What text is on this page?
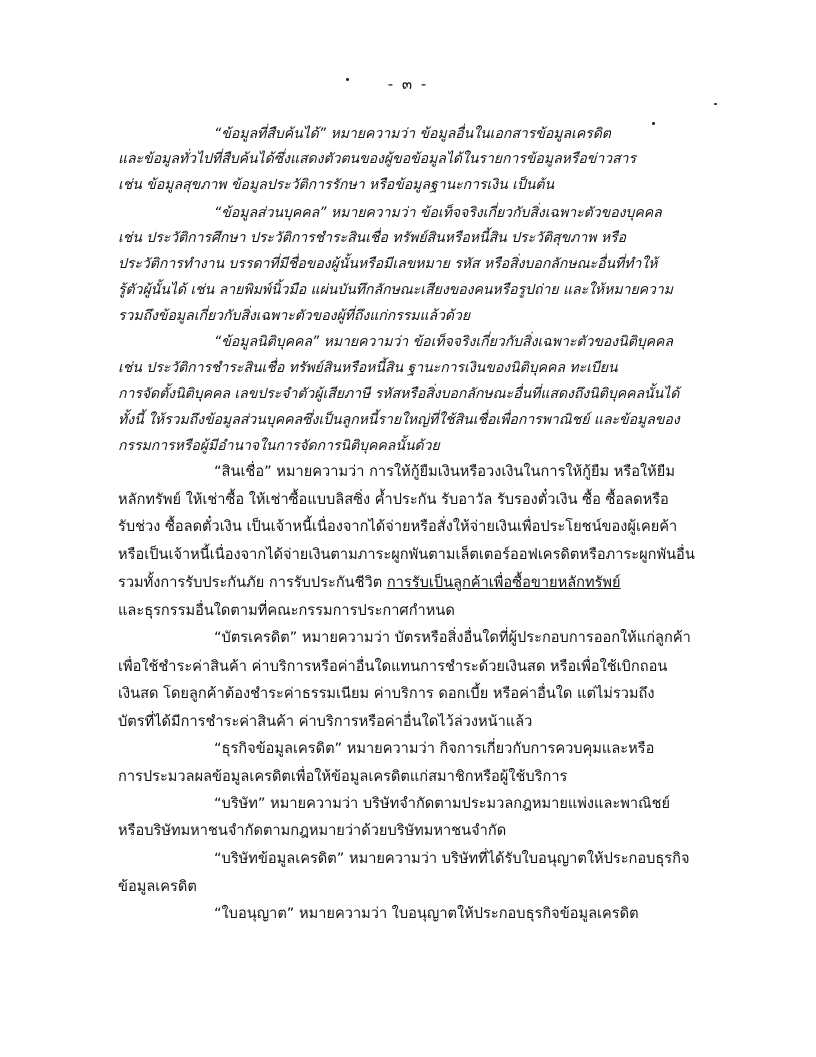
- ๓ -
“ข้อมูลที่สืบค้นได้” หมายความว่า ข้อมูลอื่นในเอกสารข้อมูลเครดิต
และข้อมูลทั่วไปที่สืบค้นได้ซึ่งแสดงตัวตนของผู้ขอข้อมูลได้ในรายการข้อมูลหรือข่าวสาร
เช่น ข้อมูลสุขภาพ ข้อมูลประวัติการรักษา หรือข้อมูลฐานะการเงิน เป็นต้น
“ข้อมูลส่วนบุคคล” หมายความว่า ข้อเท็จจริงเกี่ยวกับสิ่งเฉพาะตัวของบุคคล
เช่น ประวัติการศึกษา ประวัติการชำระสินเชื่อ ทรัพย์สินหรือหนี้สิน ประวัติสุขภาพ หรือ
ประวัติการทำงาน บรรดาที่มีชื่อของผู้นั้นหรือมีเลขหมาย รหัส หรือสิ่งบอกลักษณะอื่นที่ทำให้
รู้ตัวผู้นั้นได้ เช่น ลายพิมพ์นิ้วมือ แผ่นบันทึกลักษณะเสียงของคนหรือรูปถ่าย และให้หมายความ
รวมถึงข้อมูลเกี่ยวกับสิ่งเฉพาะตัวของผู้ที่ถึงแก่กรรมแล้วด้วย
“ข้อมูลนิติบุคคล” หมายความว่า ข้อเท็จจริงเกี่ยวกับสิ่งเฉพาะตัวของนิติบุคคล
เช่น ประวัติการชำระสินเชื่อ ทรัพย์สินหรือหนี้สิน ฐานะการเงินของนิติบุคคล ทะเบียน
การจัดตั้งนิติบุคคล เลขประจำตัวผู้เสียภาษี รหัสหรือสิ่งบอกลักษณะอื่นที่แสดงถึงนิติบุคคลนั้นได้
ทั้งนี้ ให้รวมถึงข้อมูลส่วนบุคคลซึ่งเป็นลูกหนี้รายใหญ่ที่ใช้สินเชื่อเพื่อการพาณิชย์ และข้อมูลของ
กรรมการหรือผู้มีอำนาจในการจัดการนิติบุคคลนั้นด้วย
“สินเชื่อ” หมายความว่า การให้กู้ยืมเงินหรือวงเงินในการให้กู้ยืม หรือให้ยืม
หลักทรัพย์ ให้เช่าซื้อ ให้เช่าซื้อแบบลิสซิ่ง ค้ำประกัน รับอาวัล รับรองตั๋วเงิน ซื้อ ซื้อลดหรือ
รับช่วง ซื้อลดตั๋วเงิน เป็นเจ้าหนี้เนื่องจากได้จ่ายหรือสั่งให้จ่ายเงินเพื่อประโยชน์ของผู้เคยค้า
หรือเป็นเจ้าหนี้เนื่องจากได้จ่ายเงินตามภาระผูกพันตามเล็ตเตอร์ออฟเครดิตหรือภาระผูกพันอื่น
รวมทั้งการรับประกันภัย การรับประกันชีวิต การรับเป็นลูกค้าเพื่อซื้อขายหลักทรัพย์
และธุรกรรมอื่นใดตามที่คณะกรรมการประกาศกำหนด
“บัตรเครดิต” หมายความว่า บัตรหรือสิ่งอื่นใดที่ผู้ประกอบการออกให้แก่ลูกค้า
เพื่อใช้ชำระค่าสินค้า ค่าบริการหรือค่าอื่นใดแทนการชำระด้วยเงินสด หรือเพื่อใช้เบิกถอน
เงินสด โดยลูกค้าต้องชำระค่าธรรมเนียม ค่าบริการ ดอกเบี้ย หรือค่าอื่นใด แต่ไม่รวมถึง
บัตรที่ได้มีการชำระค่าสินค้า ค่าบริการหรือค่าอื่นใดไว้ล่วงหน้าแล้ว
“ธุรกิจข้อมูลเครดิต” หมายความว่า กิจการเกี่ยวกับการควบคุมและหรือ
การประมวลผลข้อมูลเครดิตเพื่อให้ข้อมูลเครดิตแก่สมาชิกหรือผู้ใช้บริการ
“บริษัท” หมายความว่า บริษัทจำกัดตามประมวลกฎหมายแพ่งและพาณิชย์
หรือบริษัทมหาชนจำกัดตามกฎหมายว่าด้วยบริษัทมหาชนจำกัด
“บริษัทข้อมูลเครดิต” หมายความว่า บริษัทที่ได้รับใบอนุญาตให้ประกอบธุรกิจ
ข้อมูลเครดิต
“ใบอนุญาต” หมายความว่า ใบอนุญาตให้ประกอบธุรกิจข้อมูลเครดิต
